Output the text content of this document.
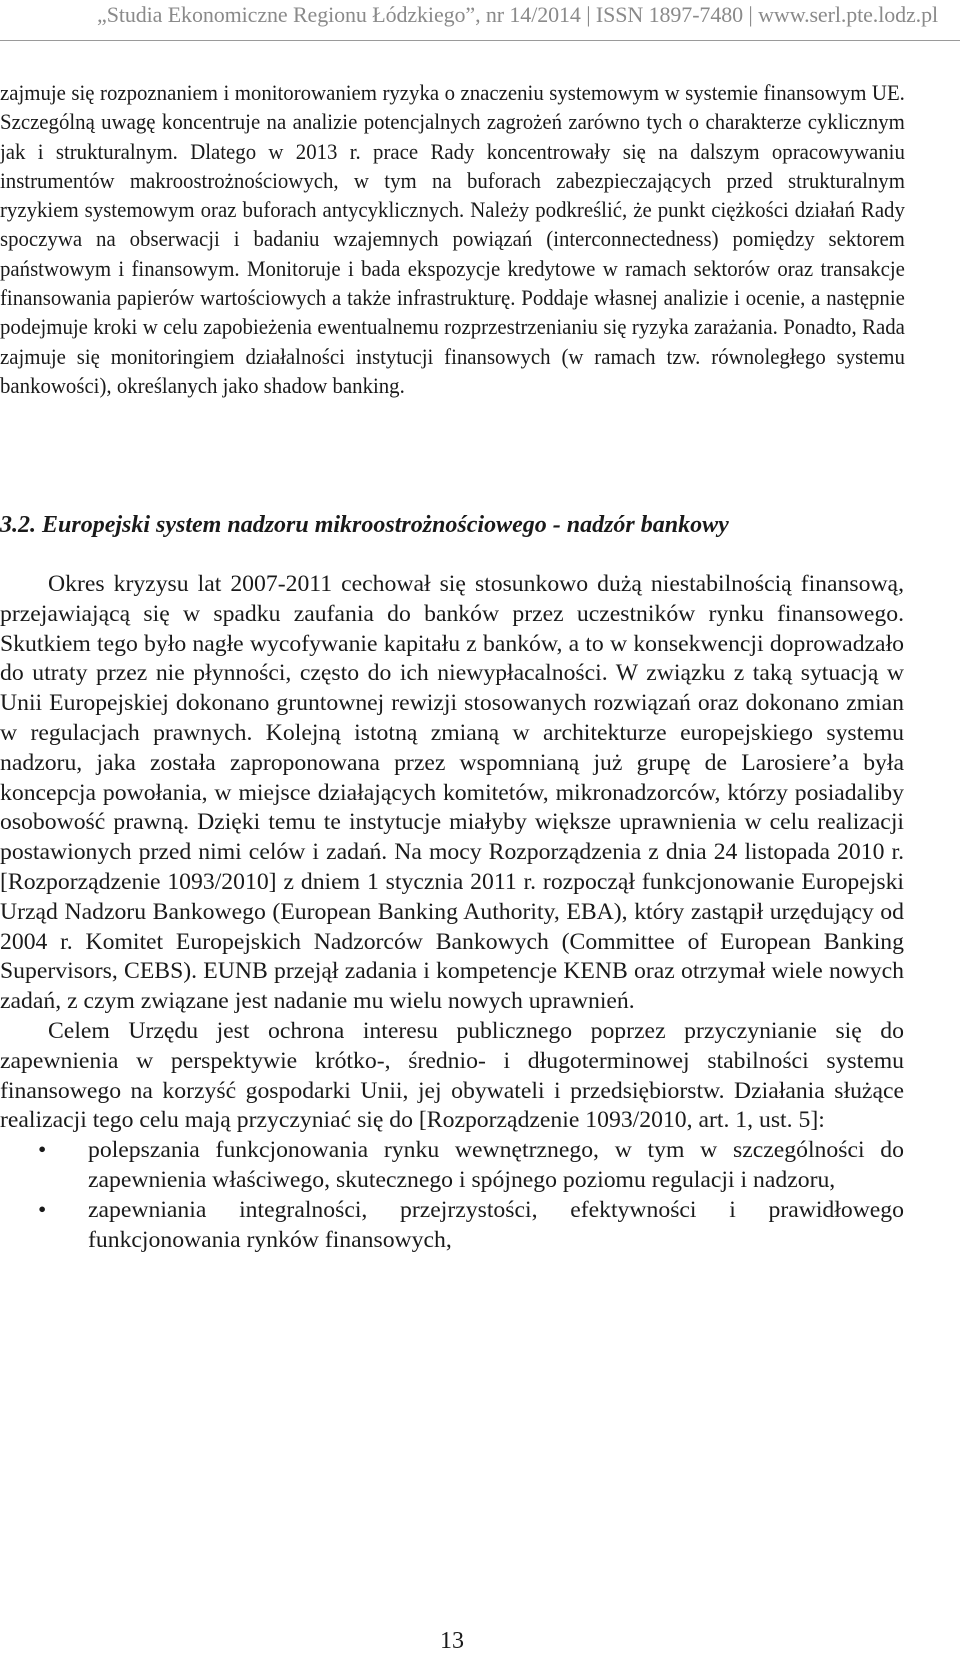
„Studia Ekonomiczne Regionu Łódzkiego”, nr 14/2014 | ISSN 1897-7480 | www.serl.pte.lodz.pl

zajmuje się rozpoznaniem i monitorowaniem ryzyka o znaczeniu systemowym w systemie finansowym UE. Szczególną uwagę koncentruje na analizie potencjalnych zagrożeń zarówno tych o charakterze cyklicznym jak i strukturalnym. Dlatego w 2013 r. prace Rady koncentrowały się na dalszym opracowywaniu instrumentów makroostrożnościowych, w tym na buforach zabezpieczających przed strukturalnym ryzykiem systemowym oraz buforach antycyklicznych. Należy podkreślić, że punkt ciężkości działań Rady spoczywa na obserwacji i badaniu wzajemnych powiązań (interconnectedness) pomiędzy sektorem państwowym i finansowym. Monitoruje i bada ekspozycje kredytowe w ramach sektorów oraz transakcje finansowania papierów wartościowych a także infrastrukturę. Poddaje własnej analizie i ocenie, a następnie podejmuje kroki w celu zapobieżenia ewentualnemu rozprzestrzenianiu się ryzyka zarażania. Ponadto, Rada zajmuje się monitoringiem działalności instytucji finansowych (w ramach tzw. równoległego systemu bankowości), określanych jako shadow banking.

3.2. Europejski system nadzoru mikroostrożnościowego - nadzór bankowy

Okres kryzysu lat 2007-2011 cechował się stosunkowo dużą niestabilnością finansową, przejawiającą się w spadku zaufania do banków przez uczestników rynku finansowego. Skutkiem tego było nagłe wycofywanie kapitału z banków, a to w konsekwencji doprowadzało do utraty przez nie płynności, często do ich niewypłacalności. W związku z taką sytuacją w Unii Europejskiej dokonano gruntownej rewizji stosowanych rozwiązań oraz dokonano zmian w regulacjach prawnych. Kolejną istotną zmianą w architekturze europejskiego systemu nadzoru, jaka została zaproponowana przez wspomnianą już grupę de Larosiere’a była koncepcja powołania, w miejsce działających komitetów, mikronadzorców, którzy posiadaliby osobowość prawną. Dzięki temu te instytucje miałyby większe uprawnienia w celu realizacji postawionych przed nimi celów i zadań. Na mocy Rozporządzenia z dnia 24 listopada 2010 r. [Rozporządzenie 1093/2010] z dniem 1 stycznia 2011 r. rozpoczął funkcjonowanie Europejski Urząd Nadzoru Bankowego (European Banking Authority, EBA), który zastąpił urzędujący od 2004 r. Komitet Europejskich Nadzorców Bankowych (Committee of European Banking Supervisors, CEBS). EUNB przejął zadania i kompetencje KENB oraz otrzymał wiele nowych zadań, z czym związane jest nadanie mu wielu nowych uprawnień.

Celem Urzędu jest ochrona interesu publicznego poprzez przyczynianie się do zapewnienia w perspektywie krótko-, średnio- i długoterminowej stabilności systemu finansowego na korzyść gospodarki Unii, jej obywateli i przedsiębiorstw. Działania służące realizacji tego celu mają przyczyniać się do [Rozporządzenie 1093/2010, art. 1, ust. 5]:

• polepszania funkcjonowania rynku wewnętrznego, w tym w szczególności do zapewnienia właściwego, skutecznego i spójnego poziomu regulacji i nadzoru,
• zapewniania integralności, przejrzystości, efektywności i prawidłowego funkcjonowania rynków finansowych,
13
